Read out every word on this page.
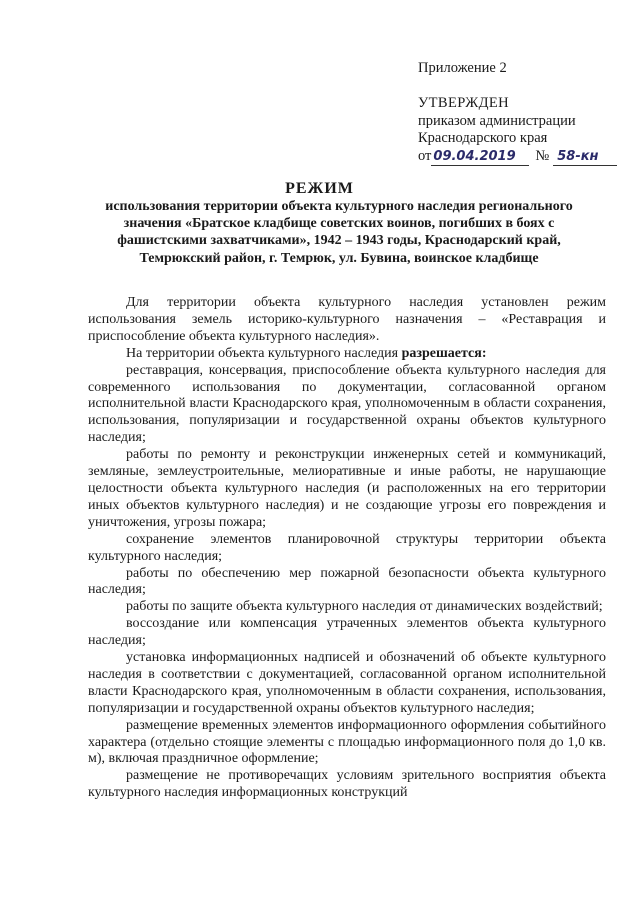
Приложение 2
УТВЕРЖДЕН
приказом администрации
Краснодарского края
от 09.04.2019	№ 58-кн
РЕЖИМ
использования территории объекта культурного наследия регионального значения «Братское кладбище советских воинов, погибших в боях с фашистскими захватчиками», 1942 – 1943 годы, Краснодарский край, Темрюкский район, г. Темрюк, ул. Бувина, воинское кладбище

Для территории объекта культурного наследия установлен режим использования земель историко-культурного назначения – «Реставрация и приспособление объекта культурного наследия».

На территории объекта культурного наследия разрешается:

реставрация, консервация, приспособление объекта культурного наследия для современного использования по документации, согласованной органом исполнительной власти Краснодарского края, уполномоченным в области сохранения, использования, популяризации и государственной охраны объектов культурного наследия;

работы по ремонту и реконструкции инженерных сетей и коммуникаций, земляные, землеустроительные, мелиоративные и иные работы, не нарушающие целостности объекта культурного наследия (и расположенных на его территории иных объектов культурного наследия) и не создающие угрозы его повреждения и уничтожения, угрозы пожара;

сохранение элементов планировочной структуры территории объекта культурного наследия;

работы по обеспечению мер пожарной безопасности объекта культурного наследия;

работы по защите объекта культурного наследия от динамических воздействий;

воссоздание или компенсация утраченных элементов объекта культурного наследия;

установка информационных надписей и обозначений об объекте культурного наследия в соответствии с документацией, согласованной органом исполнительной власти Краснодарского края, уполномоченным в области сохранения, использования, популяризации и государственной охраны объектов культурного наследия;

размещение временных элементов информационного оформления событийного характера (отдельно стоящие элементы с площадью информационного поля до 1,0 кв. м), включая праздничное оформление;

размещение не противоречащих условиям зрительного восприятия объекта культурного наследия информационных конструкций
